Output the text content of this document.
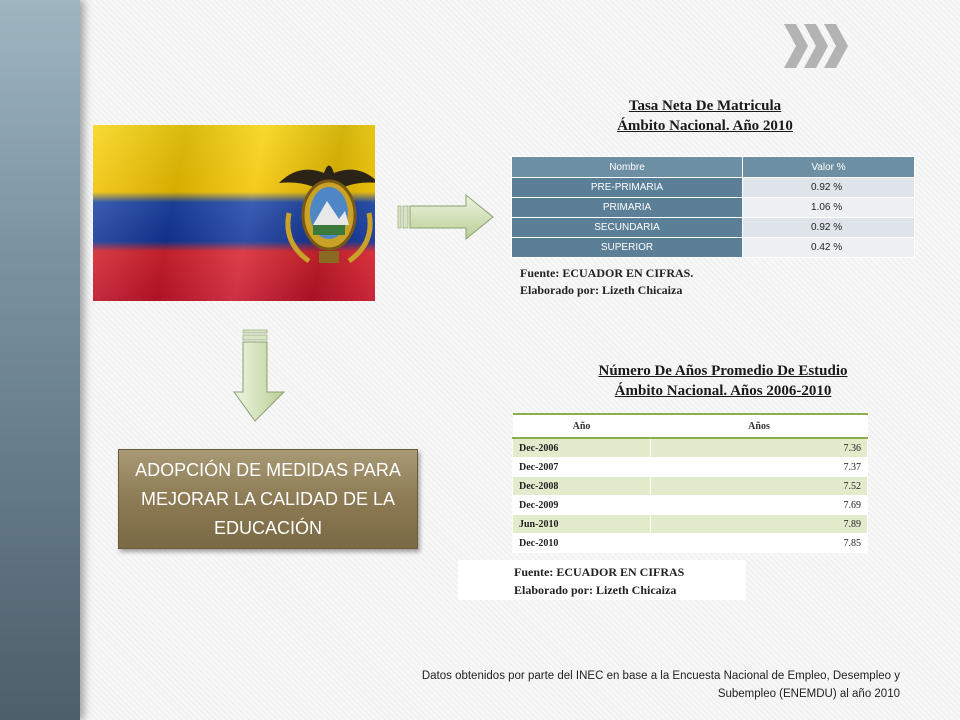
Tasa Neta De Matricula
Ámbito Nacional. Año 2010
Nombre	Valor %
PRE-PRIMARIA	0.92 %
PRIMARIA	1.06 %
SECUNDARIA	0.92 %
SUPERIOR	0.42 %
Fuente: ECUADOR EN CIFRAS.
Elaborado por: Lizeth Chicaiza
Número De Años Promedio De Estudio
Ámbito Nacional. Años 2006-2010
Año	Años
Dec-2006	7.36
Dec-2007	7.37
Dec-2008	7.52
Dec-2009	7.69
Jun-2010	7.89
Dec-2010	7.85
Fuente: ECUADOR EN CIFRAS
Elaborado por: Lizeth Chicaiza
ADOPCIÓN DE MEDIDAS PARA MEJORAR LA CALIDAD DE LA EDUCACIÓN
Datos obtenidos por parte del INEC en base a la Encuesta Nacional de Empleo, Desempleo y
Subempleo (ENEMDU) al año 2010
